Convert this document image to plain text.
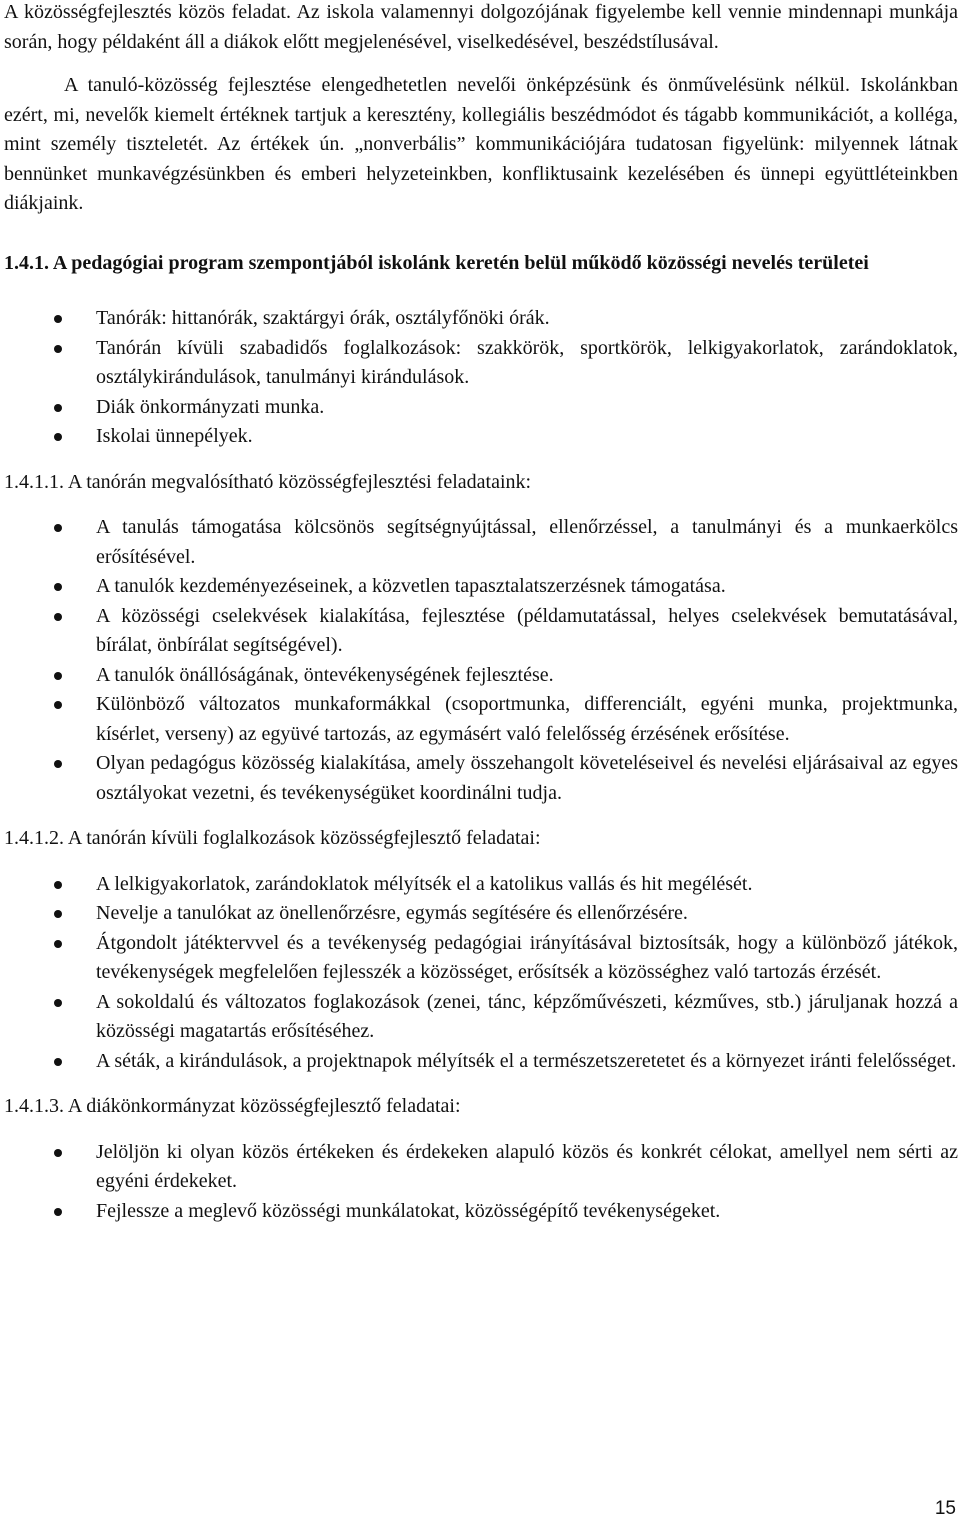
A közösségfejlesztés közös feladat. Az iskola valamennyi dolgozójának figyelembe kell vennie mindennapi munkája során, hogy példaként áll a diákok előtt megjelenésével, viselkedésével, beszédstílusával.

A tanuló-közösség fejlesztése elengedhetetlen nevelői önképzésünk és önművelésünk nélkül. Iskolánkban ezért, mi, nevelők kiemelt értéknek tartjuk a keresztény, kollegiális beszédmódot és tágabb kommunikációt, a kolléga, mint személy tiszteletét. Az értékek ún. „nonverbális” kommunikációjára tudatosan figyelünk: milyennek látnak bennünket munkavégzésünkben és emberi helyzeteinkben, konfliktusaink kezelésében és ünnepi együttléteinkben diákjaink.

1.4.1. A pedagógiai program szempontjából iskolánk keretén belül működő közösségi nevelés területei
Tanórák: hittanórák, szaktárgyi órák, osztályfőnöki órák.
Tanórán kívüli szabadidős foglalkozások: szakkörök, sportkörök, lelkigyakorlatok, zarándoklatok, osztálykirándulások, tanulmányi kirándulások.
Diák önkormányzati munka.
Iskolai ünnepélyek.

1.4.1.1. A tanórán megvalósítható közösségfejlesztési feladataink:

A tanulás támogatása kölcsönös segítségnyújtással, ellenőrzéssel, a tanulmányi és a munkaerkölcs erősítésével.
A tanulók kezdeményezéseinek, a közvetlen tapasztalatszerzésnek támogatása.
A közösségi cselekvések kialakítása, fejlesztése (példamutatással, helyes cselekvések bemutatásával, bírálat, önbírálat segítségével).
A tanulók önállóságának, öntevékenységének fejlesztése.
Különböző változatos munkaformákkal (csoportmunka, differenciált, egyéni munka, projektmunka, kísérlet, verseny) az együvé tartozás, az egymásért való felelősség érzésének erősítése.
Olyan pedagógus közösség kialakítása, amely összehangolt követeléseivel és nevelési eljárásaival az egyes osztályokat vezetni, és tevékenységüket koordinálni tudja.

1.4.1.2. A tanórán kívüli foglalkozások közösségfejlesztő feladatai:

A lelkigyakorlatok, zarándoklatok mélyítsék el a katolikus vallás és hit megélését.
Nevelje a tanulókat az önellenőrzésre, egymás segítésére és ellenőrzésére.
Átgondolt játéktervvel és a tevékenység pedagógiai irányításával biztosítsák, hogy a különböző játékok, tevékenységek megfelelően fejlesszék a közösséget, erősítsék a közösséghez való tartozás érzését.
A sokoldalú és változatos foglakozások (zenei, tánc, képzőművészeti, kézműves, stb.) járuljanak hozzá a közösségi magatartás erősítéséhez.
A séták, a kirándulások, a projektnapok mélyítsék el a természetszeretetet és a környezet iránti felelősséget.

1.4.1.3. A diákönkormányzat közösségfejlesztő feladatai:

Jelöljön ki olyan közös értékeken és érdekeken alapuló közös és konkrét célokat, amellyel nem sérti az egyéni érdekeket.
Fejlessze a meglevő közösségi munkálatokat, közösségépítő tevékenységeket.
15
